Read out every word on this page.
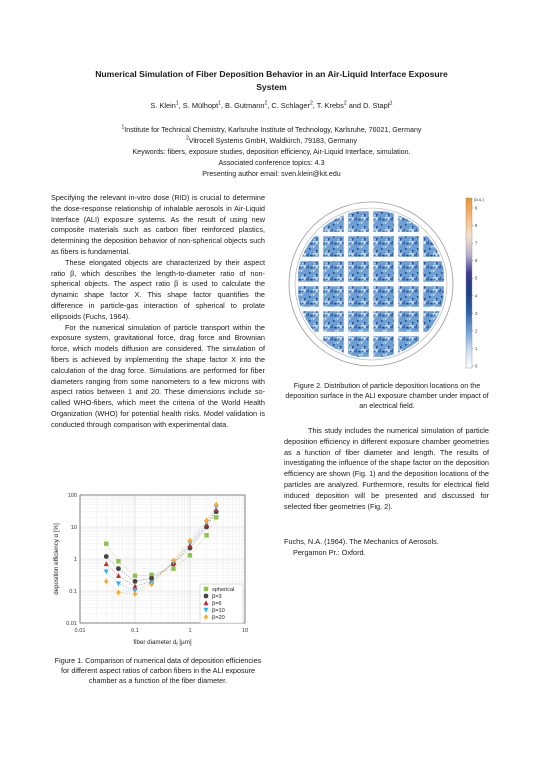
Numerical Simulation of Fiber Deposition Behavior in an Air-Liquid Interface Exposure
System
S. Klein$^1$, S. Mülhopt$^1$, B. Gutmann$^2$, C. Schlager$^2$, T. Krebs$^2$ and D. Stapf$^1$
$^1$Institute for Technical Chemistry, Karlsruhe Institute of Technology, Karlsruhe, 76021, Germany
$^2$Vitrocell Systems GmbH, Waldkirch, 79183, Germany
Keywords: fibers, exposure studies, deposition efficiency, Air-Liquid Interface, simulation.
Associated conference topics: 4.3
Presenting author email: sven.klein@kit.edu

Specifying the relevant in-vitro dose (RID) is crucial to determine the dose-response relationship of inhalable aerosols in Air-Liquid Interface (ALI) exposure systems. As the result of using new composite materials such as carbon fiber reinforced plastics, determining the deposition behavior of non-spherical objects such as fibers is fundamental.

These elongated objects are characterized by their aspect ratio β, which describes the length-to-diameter ratio of non-spherical objects. The aspect ratio β is used to calculate the dynamic shape factor Χ. This shape factor quantifies the difference in particle-gas interaction of spherical to prolate ellipsoids (Fuchs, 1964).

For the numerical simulation of particle transport within the exposure system, gravitational force, drag force and Brownian force, which models diffusion are considered. The simulation of fibers is achieved by implementing the shape factor Χ into the calculation of the drag force. Simulations are performed for fiber diameters ranging from some nanometers to a few microns with aspect ratios between 1 and 20. These dimensions include so-called WHO-fibers, which meet the criteria of the World Health Organization (WHO) for potential health risks. Model validation is conducted through comparison with experimental data.

0.01	0.1	1	10
0.01
0.1
1
10
100
fiber diameter $d_f$ [µm]
deposition efficiency α [%]	spherical
β=3
β=6
β=10
β=20
Figure 1. Comparison of numerical data of deposition efficiencies for different aspect ratios of carbon fibers in the ALI exposure chamber as a function of the fiber diameter.
(a.u.)
0
1
2
3
4
5
6
7
8
9
Figure 2. Distribution of particle deposition locations on the deposition surface in the ALI exposure chamber under impact of an electrical field.

This study includes the numerical simulation of particle deposition efficiency in different exposure chamber geometries as a function of fiber diameter and length. The results of investigating the influence of the shape factor on the deposition efficiency are shown (Fig. 1) and the deposition locations of the particles are analyzed. Furthermore, results for electrical field induced deposition will be presented and discussed for selected fiber geometries (Fig. 2).

Fuchs, N.A. (1964). The Mechanics of Aerosols.
Pergamon Pr.: Oxford.
